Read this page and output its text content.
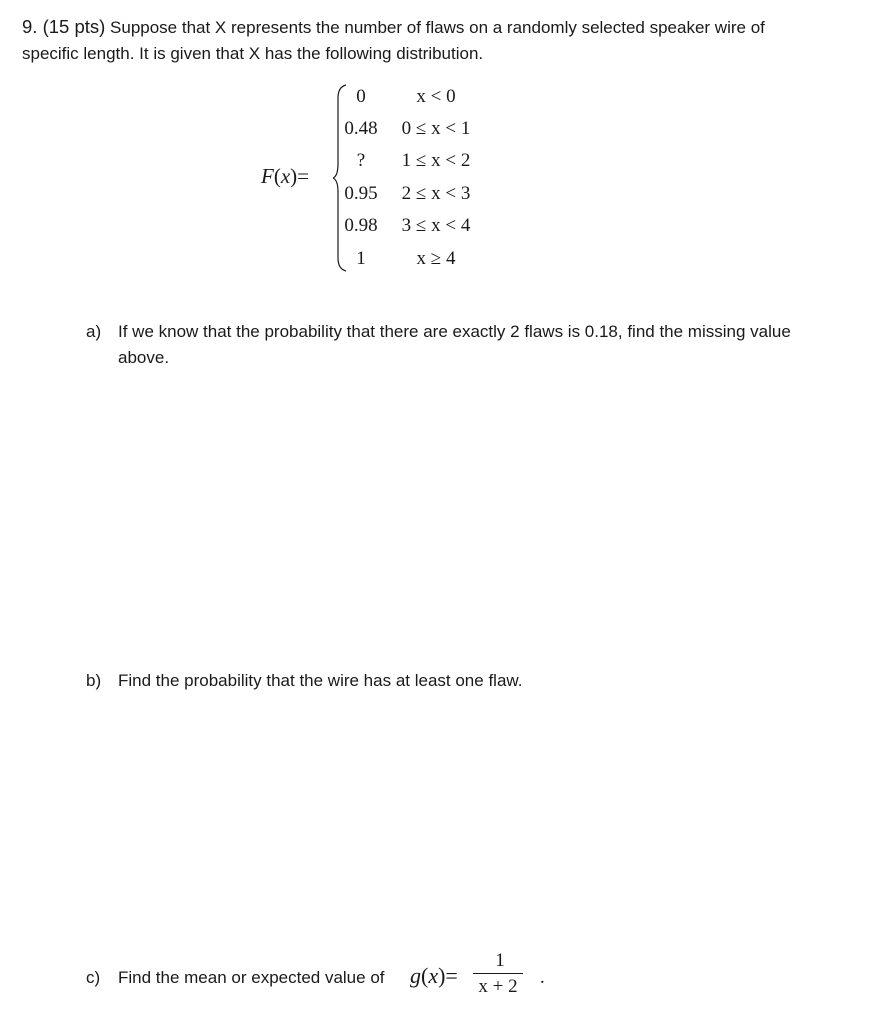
9. (15 pts) Suppose that X represents the number of flaws on a randomly selected speaker wire of
specific length. It is given that X has the following distribution.
F(x)=
0	x < 0
0.48	0 ≤ x < 1
?	1 ≤ x < 2
0.95	2 ≤ x < 3
0.98	3 ≤ x < 4
1	x ≥ 4
a) If we know that the probability that there are exactly 2 flaws is 0.18, find the missing value
above.
b) Find the probability that the wire has at least one flaw.
c) Find the mean or expected value of	g(x)=
1
x + 2 .
